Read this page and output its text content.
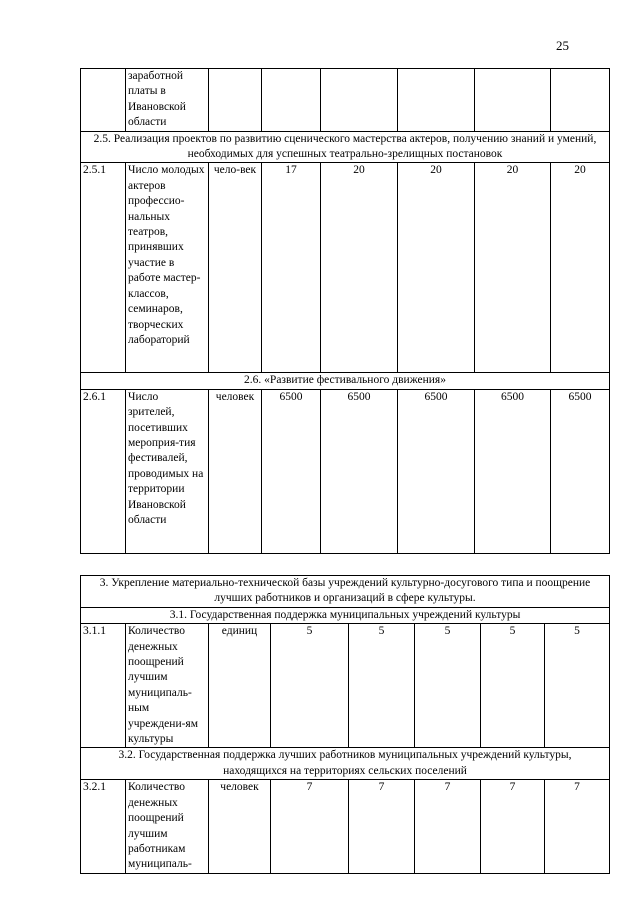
25
	заработной платы в Ивановской области						
2.5. Реализация проектов по развитию сценического мастерства актеров, получению знаний и умений, необходимых для успешных театрально-зрелищных постановок							
2.5.1	Число молодых актеров профессио-нальных театров, принявших участие в работе мастер-классов, семинаров, творческих лабораторий	чело-век	17	20	20	20	20
2.6. «Развитие фестивального движения»							
2.6.1	Число зрителей, посетивших мероприя-тия фестивалей, проводимых на территории Ивановской области	человек	6500	6500	6500	6500	6500
3. Укрепление материально-технической базы учреждений культурно-досугового типа и поощрение лучших работников и организаций в сфере культуры.							
3.1. Государственная поддержка муниципальных учреждений культуры							
3.1.1	Количество денежных поощрений лучшим муниципаль-ным учреждени-ям культуры	единиц	5	5	5	5	5
3.2. Государственная поддержка лучших работников муниципальных учреждений культуры, находящихся на территориях сельских поселений							
3.2.1	Количество денежных поощрений лучшим работникам муниципаль-	человек	7	7	7	7	7
